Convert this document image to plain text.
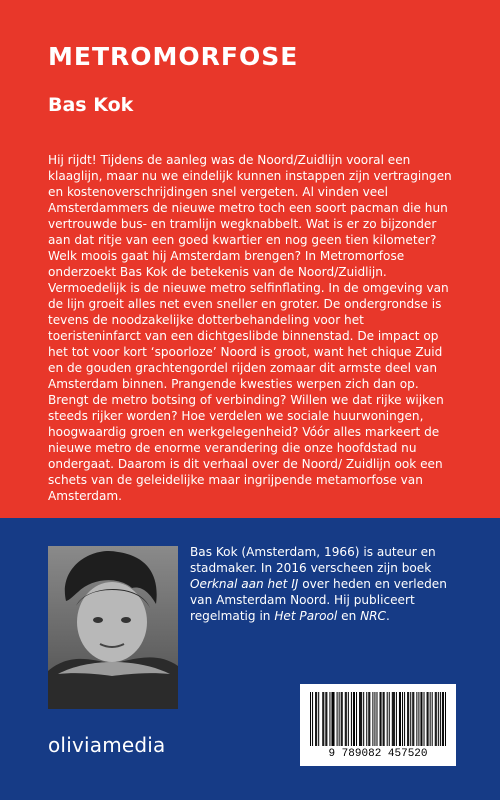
METROMORFOSE
Bas Kok

Hij rijdt! Tijdens de aanleg was de Noord/Zuidlijn vooral een klaaglijn, maar nu we eindelijk kunnen instappen zijn vertragingen en kostenoverschrijdingen snel vergeten. Al vinden veel Amsterdammers de nieuwe metro toch een soort pacman die hun vertrouwde bus- en tramlijn wegknabbelt. Wat is er zo bijzonder aan dat ritje van een goed kwartier en nog geen tien kilometer? Welk moois gaat hij Amsterdam brengen? In Metromorfose onderzoekt Bas Kok de betekenis van de Noord/Zuidlijn.

Vermoedelijk is de nieuwe metro selfinflating. In de omgeving van de lijn groeit alles net even sneller en groter. De ondergrondse is tevens de noodzakelijke dotterbehandeling voor het toeristeninfarct van een dichtgeslibde binnenstad. De impact op het tot voor kort ‘spoorloze’ Noord is groot, want het chique Zuid en de gouden grachtengordel rijden zomaar dit armste deel van Amsterdam binnen. Prangende kwesties werpen zich dan op. Brengt de metro botsing of verbinding? Willen we dat rijke wijken steeds rijker worden? Hoe verdelen we sociale huurwoningen, hoogwaardig groen en werkgelegenheid? Vóór alles markeert de nieuwe metro de enorme verandering die onze hoofdstad nu ondergaat. Daarom is dit verhaal over de Noord/ Zuidlijn ook een schets van de geleidelijke maar ingrijpende metamorfose van Amsterdam.

Bas Kok (Amsterdam, 1966) is auteur en stadmaker. In 2016 verscheen zijn boek Oerknal aan het IJ over heden en verleden van Amsterdam Noord. Hij publiceert regelmatig in Het Parool en NRC.

oliviamedia	9 789082 457520
